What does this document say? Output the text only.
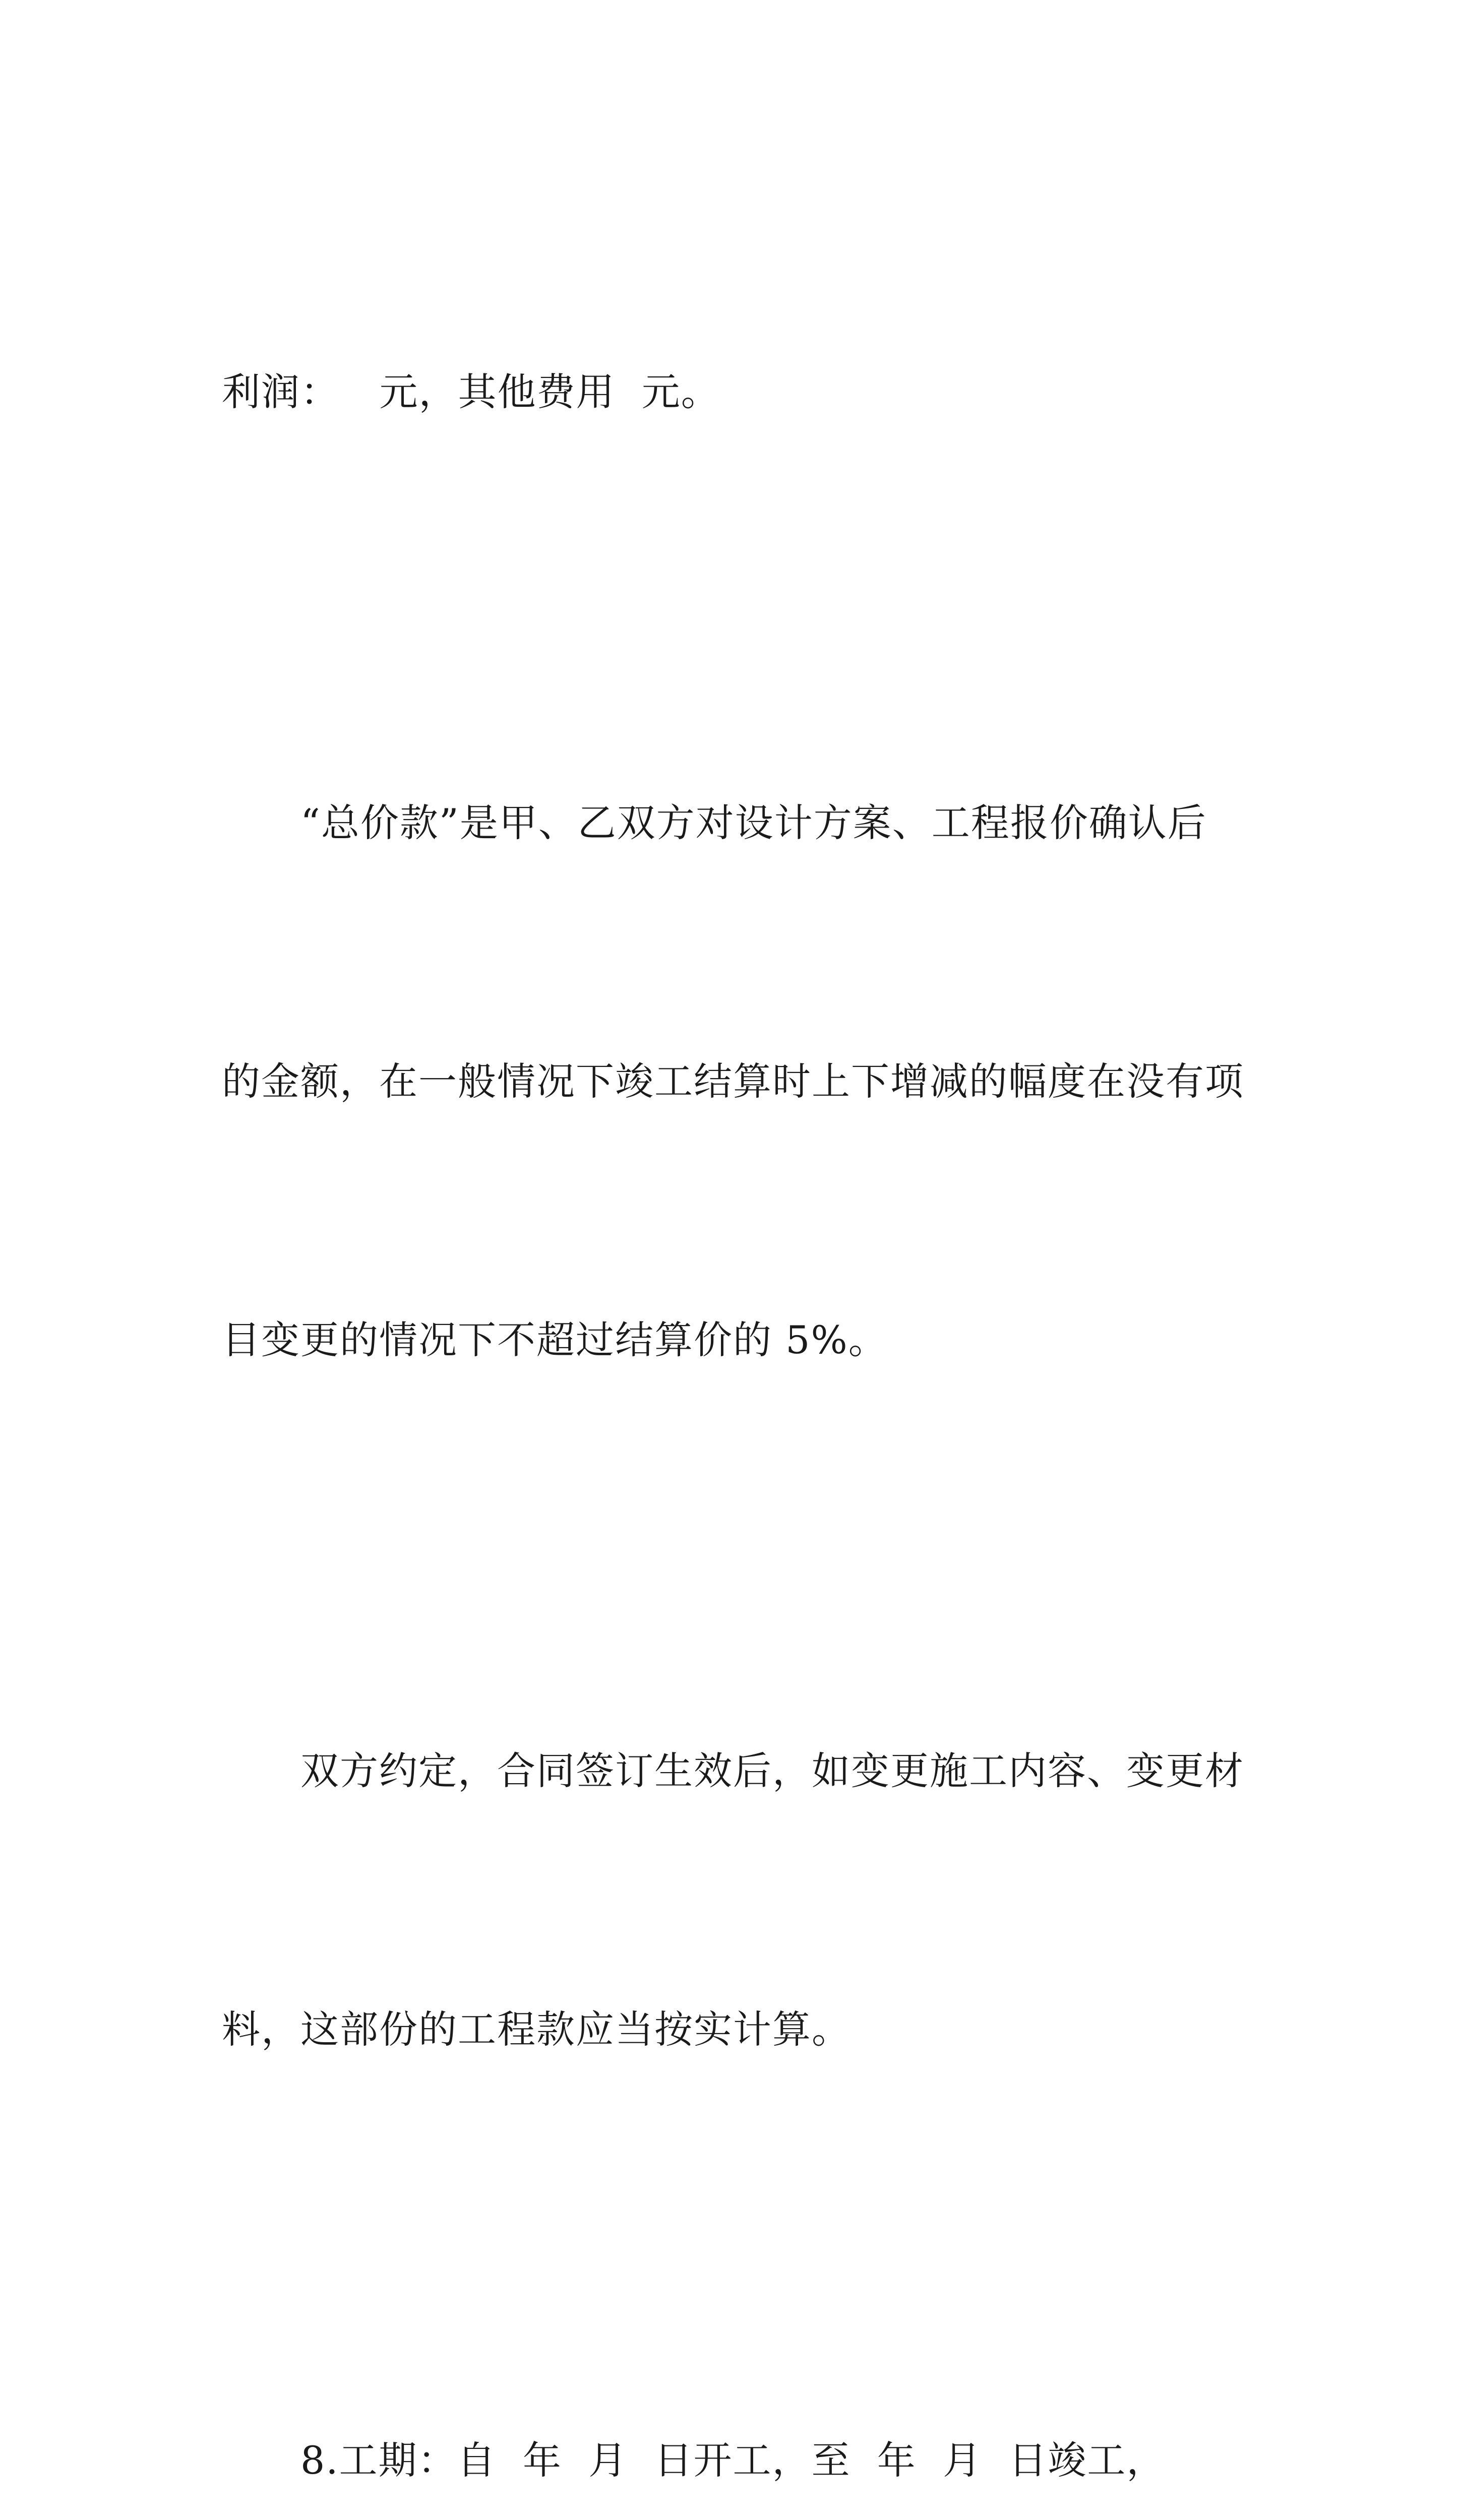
利润：   元，其他费用  元。

“总价款”是甲、乙双方对设计方案、工程报价确认后

的金额，在一般情况下竣工结算时上下增减的幅度在没有项

目变更的情况下不超过结算价的 5%。

双方约定，合同签订生效后，如变更施工内容、变更材

料，这部份的工程款应当按实计算。

8.工期：自  年  月  日开工，至  年  月  日竣工，
